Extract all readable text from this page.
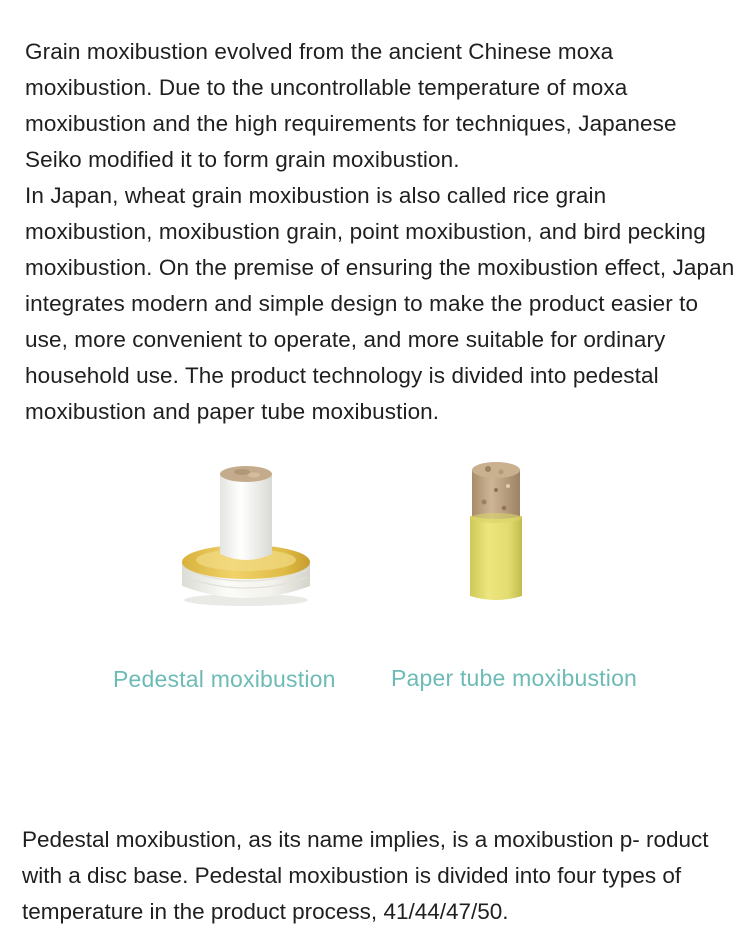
Grain moxibustion evolved from the ancient Chinese moxa moxibustion. Due to the uncontrollable temperature of moxa moxibustion and the high requirements for techniques, Japanese Seiko modified it to form grain moxibustion.

In Japan, wheat grain moxibustion is also called rice grain moxibustion, moxibustion grain, point moxibustion, and bird pecking moxibustion. On the premise of ensuring the moxibustion effect, Japan integrates modern and simple design to make the product easier to use, more convenient to operate, and more suitable for ordinary household use. The product technology is divided into pedestal moxibustion and paper tube moxibustion.

Pedestal moxibustion Paper tube moxibustion

Pedestal moxibustion, as its name implies, is a moxibustion p- roduct with a disc base. Pedestal moxibustion is divided into four types of temperature in the product process, 41/44/47/50.
